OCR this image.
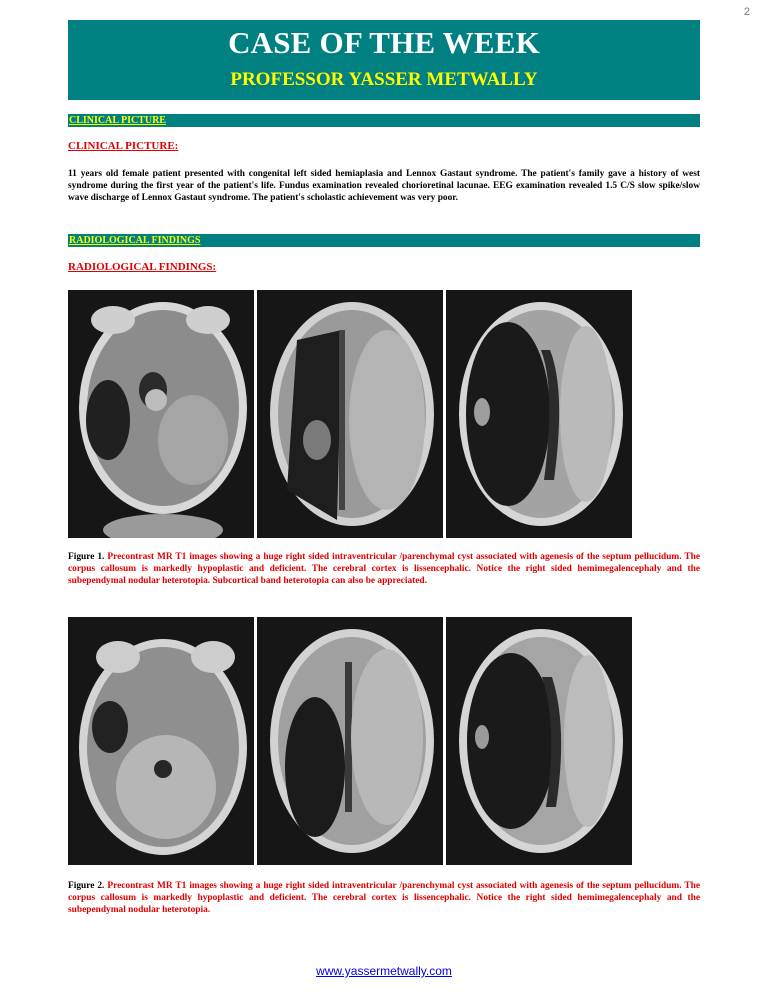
2
CASE OF THE WEEK
PROFESSOR YASSER METWALLY
CLINICAL PICTURE
CLINICAL PICTURE:
11 years old female patient presented with congenital left sided hemiaplasia and Lennox Gastaut syndrome. The patient's family gave a history of west syndrome during the first year of the patient's life. Fundus examination revealed chorioretinal lacunae. EEG examination revealed 1.5 C/S slow spike/slow wave discharge of Lennox Gastaut syndrome. The patient's scholastic achievement was very poor.
RADIOLOGICAL FINDINGS
RADIOLOGICAL FINDINGS:
Figure 1. Precontrast MR T1 images showing a huge right sided intraventricular /parenchymal cyst associated with agenesis of the septum pellucidum. The corpus callosum is markedly hypoplastic and deficient. The cerebral cortex is lissencephalic. Notice the right sided hemimegalencephaly and the subependymal nodular heterotopia. Subcortical band heterotopia can also be appreciated.
Figure 2. Precontrast MR T1 images showing a huge right sided intraventricular /parenchymal cyst associated with agenesis of the septum pellucidum. The corpus callosum is markedly hypoplastic and deficient. The cerebral cortex is lissencephalic. Notice the right sided hemimegalencephaly and the subependymal nodular heterotopia.
www.yassermetwally.com
